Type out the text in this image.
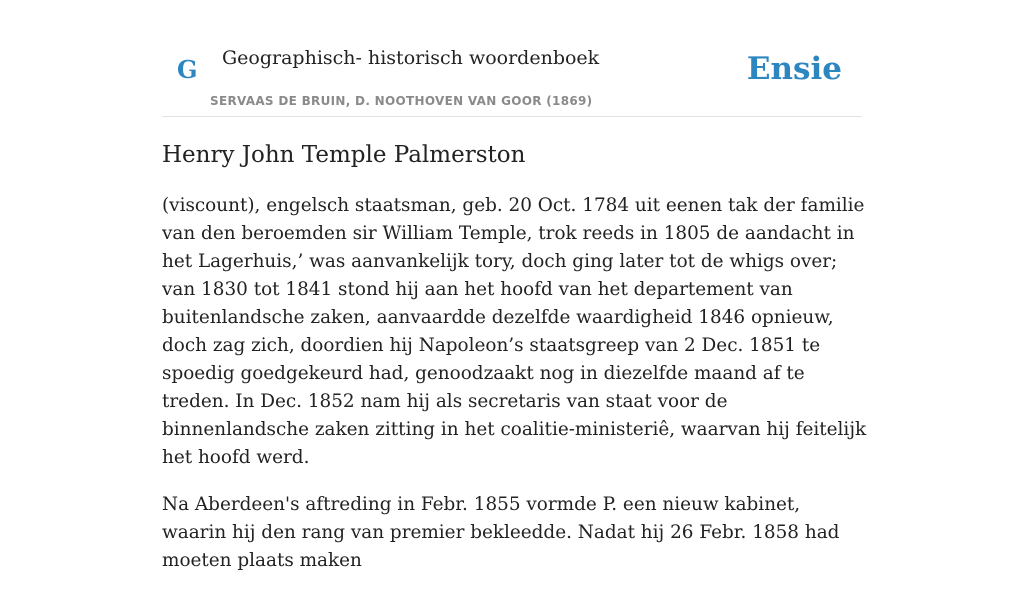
G Geographisch- historisch woordenboek
SERVAAS DE BRUIN, D. NOOTHOVEN VAN GOOR (1869)
Ensie
Henry John Temple Palmerston

(viscount), engelsch staatsman, geb. 20 Oct. 1784 uit eenen tak der familie van den beroemden sir William Temple, trok reeds in 1805 de aandacht in het Lagerhuis,’ was aanvankelijk tory, doch ging later tot de whigs over; van 1830 tot 1841 stond hij aan het hoofd van het departement van buitenlandsche zaken, aanvaardde dezelfde waardigheid 1846 opnieuw, doch zag zich, doordien hij Napoleon’s staatsgreep van 2 Dec. 1851 te spoedig goedgekeurd had, genoodzaakt nog in diezelfde maand af te treden. In Dec. 1852 nam hij als secretaris van staat voor de binnenlandsche zaken zitting in het coalitie-ministeriê, waarvan hij feitelijk het hoofd werd.

Na Aberdeen's aftreding in Febr. 1855 vormde P. een nieuw kabinet, waarin hij den rang van premier bekleedde. Nadat hij 26 Febr. 1858 had moeten plaats maken
